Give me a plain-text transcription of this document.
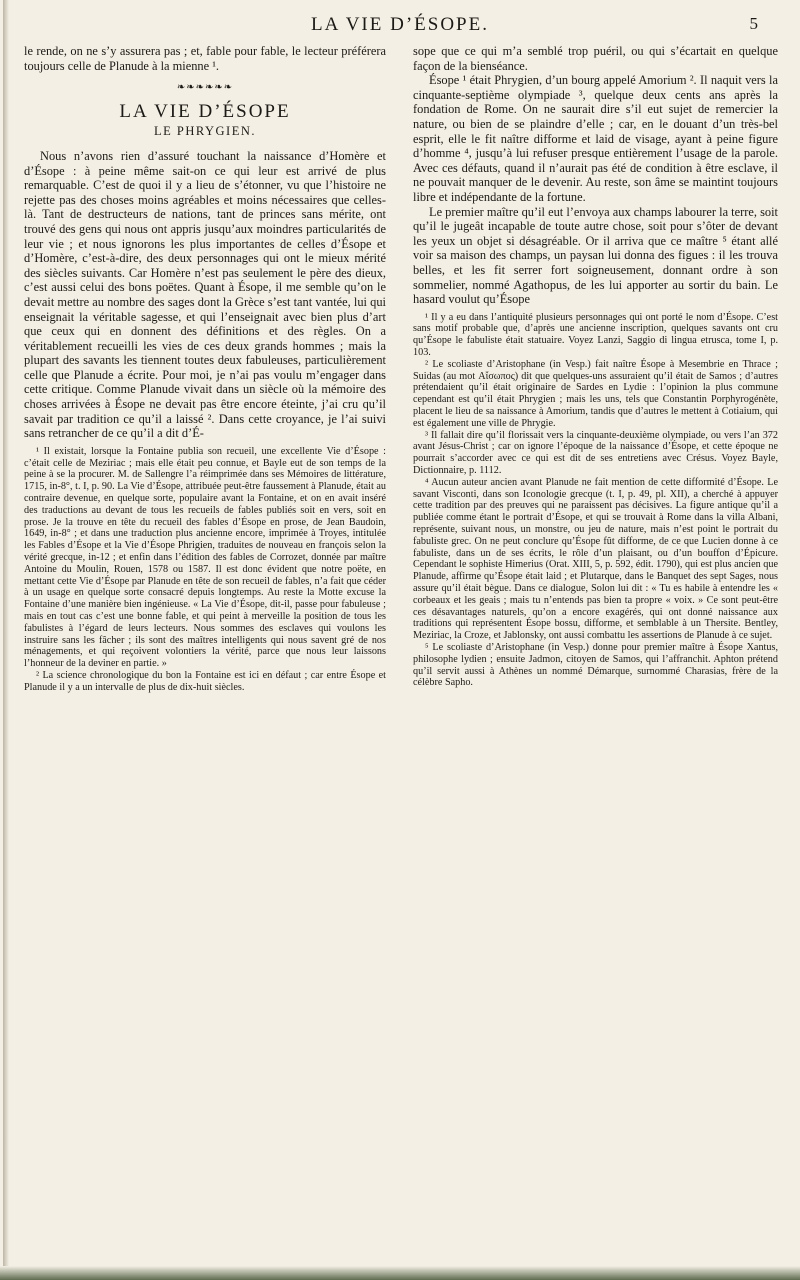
LA VIE D’ÉSOPE.	5

le rende, on ne s’y assurera pas ; et, fable pour fable, le lecteur préférera toujours celle de Planude à la mienne ¹.

❧❧❧❧❧❧
LA VIE D’ÉSOPE
LE PHRYGIEN.

Nous n’avons rien d’assuré touchant la naissance d’Homère et d’Ésope : à peine même sait-on ce qui leur est arrivé de plus remarquable. C’est de quoi il y a lieu de s’étonner, vu que l’histoire ne rejette pas des choses moins agréables et moins nécessaires que celles-là. Tant de destructeurs de nations, tant de princes sans mérite, ont trouvé des gens qui nous ont appris jusqu’aux moindres particularités de leur vie ; et nous ignorons les plus importantes de celles d’Ésope et d’Homère, c’est-à-dire, des deux personnages qui ont le mieux mérité des siècles suivants. Car Homère n’est pas seulement le père des dieux, c’est aussi celui des bons poëtes. Quant à Ésope, il me semble qu’on le devait mettre au nombre des sages dont la Grèce s’est tant vantée, lui qui enseignait la véritable sagesse, et qui l’enseignait avec bien plus d’art que ceux qui en donnent des définitions et des règles. On a véritablement recueilli les vies de ces deux grands hommes ; mais la plupart des savants les tiennent toutes deux fabuleuses, particulièrement celle que Planude a écrite. Pour moi, je n’ai pas voulu m’engager dans cette critique. Comme Planude vivait dans un siècle où la mémoire des choses arrivées à Ésope ne devait pas être encore éteinte, j’ai cru qu’il savait par tradition ce qu’il a laissé ². Dans cette croyance, je l’ai suivi sans retrancher de ce qu’il a dit d’É-

¹ Il existait, lorsque la Fontaine publia son recueil, une excellente Vie d’Ésope : c’était celle de Meziriac ; mais elle était peu connue, et Bayle eut de son temps de la peine à se la procurer. M. de Sallengre l’a réimprimée dans ses Mémoires de littérature, 1715, in-8°, t. I, p. 90. La Vie d’Ésope, attribuée peut-être faussement à Planude, était au contraire devenue, en quelque sorte, populaire avant la Fontaine, et on en avait inséré des traductions au devant de tous les recueils de fables publiés soit en vers, soit en prose. Je la trouve en tête du recueil des fables d’Ésope en prose, de Jean Baudoin, 1649, in-8° ; et dans une traduction plus ancienne encore, imprimée à Troyes, intitulée les Fables d’Ésope et la Vie d’Ésope Phrigien, traduites de nouveau en françois selon la vérité grecque, in-12 ; et enfin dans l’édition des fables de Corrozet, donnée par maître Antoine du Moulin, Rouen, 1578 ou 1587. Il est donc évident que notre poëte, en mettant cette Vie d’Ésope par Planude en tête de son recueil de fables, n’a fait que céder à un usage en quelque sorte consacré depuis longtemps. Au reste la Motte excuse la Fontaine d’une manière bien ingénieuse. « La Vie d’Ésope, dit-il, passe pour fabuleuse ; mais en tout cas c’est une bonne fable, et qui peint à merveille la position de tous les fabulistes à l’égard de leurs lecteurs. Nous sommes des esclaves qui voulons les instruire sans les fâcher ; ils sont des maîtres intelligents qui nous savent gré de nos ménagements, et qui reçoivent volontiers la vérité, parce que nous leur laissons l’honneur de la deviner en partie. »

² La science chronologique du bon la Fontaine est ici en défaut ; car entre Ésope et Planude il y a un intervalle de plus de dix-huit siècles.

sope que ce qui m’a semblé trop puéril, ou qui s’écartait en quelque façon de la bienséance.

Ésope ¹ était Phrygien, d’un bourg appelé Amorium ². Il naquit vers la cinquante-septième olympiade ³, quelque deux cents ans après la fondation de Rome. On ne saurait dire s’il eut sujet de remercier la nature, ou bien de se plaindre d’elle ; car, en le douant d’un très-bel esprit, elle le fit naître difforme et laid de visage, ayant à peine figure d’homme ⁴, jusqu’à lui refuser presque entièrement l’usage de la parole. Avec ces défauts, quand il n’aurait pas été de condition à être esclave, il ne pouvait manquer de le devenir. Au reste, son âme se maintint toujours libre et indépendante de la fortune.

Le premier maître qu’il eut l’envoya aux champs labourer la terre, soit qu’il le jugeât incapable de toute autre chose, soit pour s’ôter de devant les yeux un objet si désagréable. Or il arriva que ce maître ⁵ étant allé voir sa maison des champs, un paysan lui donna des figues : il les trouva belles, et les fit serrer fort soigneusement, donnant ordre à son sommelier, nommé Agathopus, de les lui apporter au sortir du bain. Le hasard voulut qu’Ésope

¹ Il y a eu dans l’antiquité plusieurs personnages qui ont porté le nom d’Ésope. C’est sans motif probable que, d’après une ancienne inscription, quelques savants ont cru qu’Ésope le fabuliste était statuaire. Voyez Lanzi, Saggio di lingua etrusca, tome I, p. 103.

² Le scoliaste d’Aristophane (in Vesp.) fait naître Ésope à Mesembrie en Thrace ; Suidas (au mot Αἴσωπος) dit que quelques-uns assuraient qu’il était de Samos ; d’autres prétendaient qu’il était originaire de Sardes en Lydie : l’opinion la plus commune cependant est qu’il était Phrygien ; mais les uns, tels que Constantin Porphyrogénète, placent le lieu de sa naissance à Amorium, tandis que d’autres le mettent à Cotiaium, qui est également une ville de Phrygie.

³ Il fallait dire qu’il florissait vers la cinquante-deuxième olympiade, ou vers l’an 372 avant Jésus-Christ ; car on ignore l’époque de la naissance d’Ésope, et cette époque ne pourrait s’accorder avec ce qui est dit de ses entretiens avec Crésus. Voyez Bayle, Dictionnaire, p. 1112.

⁴ Aucun auteur ancien avant Planude ne fait mention de cette difformité d’Ésope. Le savant Visconti, dans son Iconologie grecque (t. I, p. 49, pl. XII), a cherché à appuyer cette tradition par des preuves qui ne paraissent pas décisives. La figure antique qu’il a publiée comme étant le portrait d’Ésope, et qui se trouvait à Rome dans la villa Albani, représente, suivant nous, un monstre, ou jeu de nature, mais n’est point le portrait du fabuliste grec. On ne peut conclure qu’Ésope fût difforme, de ce que Lucien donne à ce fabuliste, dans un de ses écrits, le rôle d’un plaisant, ou d’un bouffon d’Épicure. Cependant le sophiste Himerius (Orat. XIII, 5, p. 592, édit. 1790), qui est plus ancien que Planude, affirme qu’Ésope était laid ; et Plutarque, dans le Banquet des sept Sages, nous assure qu’il était bègue. Dans ce dialogue, Solon lui dit : « Tu es habile à entendre les « corbeaux et les geais ; mais tu n’entends pas bien ta propre « voix. » Ce sont peut-être ces désavantages naturels, qu’on a encore exagérés, qui ont donné naissance aux traditions qui représentent Ésope bossu, difforme, et semblable à un Thersite. Bentley, Meziriac, la Croze, et Jablonsky, ont aussi combattu les assertions de Planude à ce sujet.

⁵ Le scoliaste d’Aristophane (in Vesp.) donne pour premier maître à Ésope Xantus, philosophe lydien ; ensuite Jadmon, citoyen de Samos, qui l’affranchit. Aphton prétend qu’il servit aussi à Athènes un nommé Démarque, surnommé Charasias, frère de la célèbre Sapho.
